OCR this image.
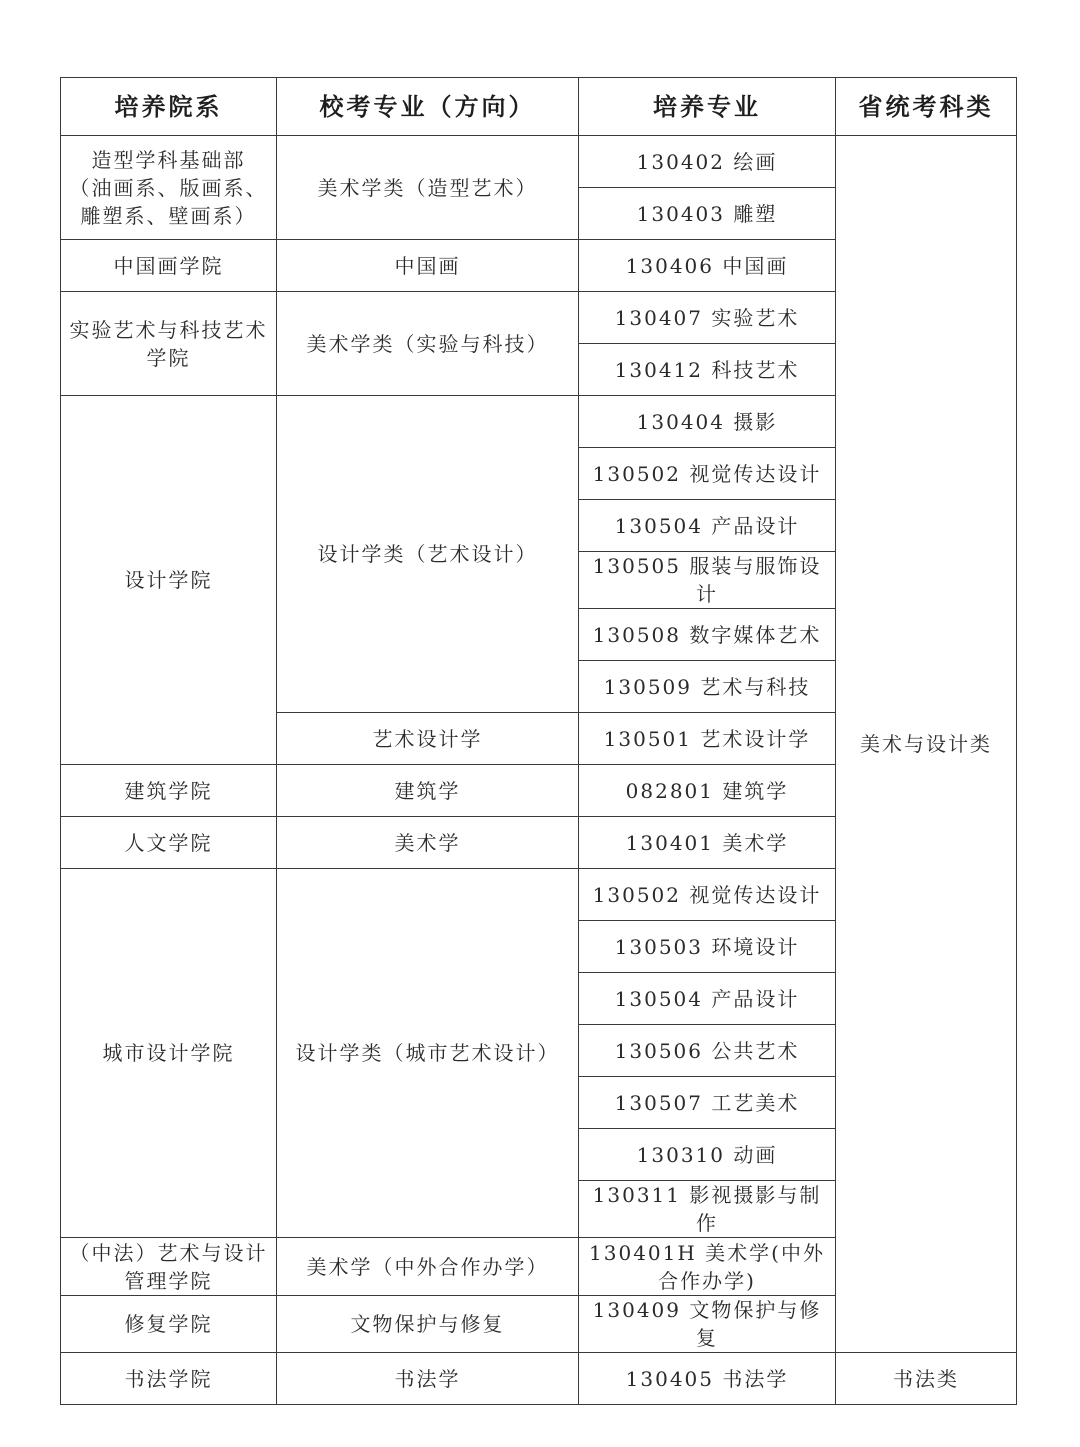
培养院系	校考专业（方向）	培养专业	省统考科类

造型学科基础部
（油画系、版画系、
雕塑系、壁画系）	美术学类（造型艺术）	130402 绘画	美术与设计类
		130403 雕塑	
中国画学院	中国画	130406 中国画	

实验艺术与科技艺术
学院	美术学类（实验与科技）	130407 实验艺术	
		130412 科技艺术	
设计学院	设计学类（艺术设计）	130404 摄影	
		130502 视觉传达设计	
		130504 产品设计	
		130505 服装与服饰设计	
		130508 数字媒体艺术	
		130509 艺术与科技	
	艺术设计学	130501 艺术设计学	
建筑学院	建筑学	082801 建筑学	
人文学院	美术学	130401 美术学	
城市设计学院	设计学类（城市艺术设计）	130502 视觉传达设计	
		130503 环境设计	
		130504 产品设计	
		130506 公共艺术	
		130507 工艺美术	
		130310 动画	
		130311 影视摄影与制作	

（中法）艺术与设计
管理学院	美术学（中外合作办学）	130401H 美术学(中外
合作办学)	

修复学院	文物保护与修复	130409 文物保护与修复	
书法学院	书法学	130405 书法学	书法类
